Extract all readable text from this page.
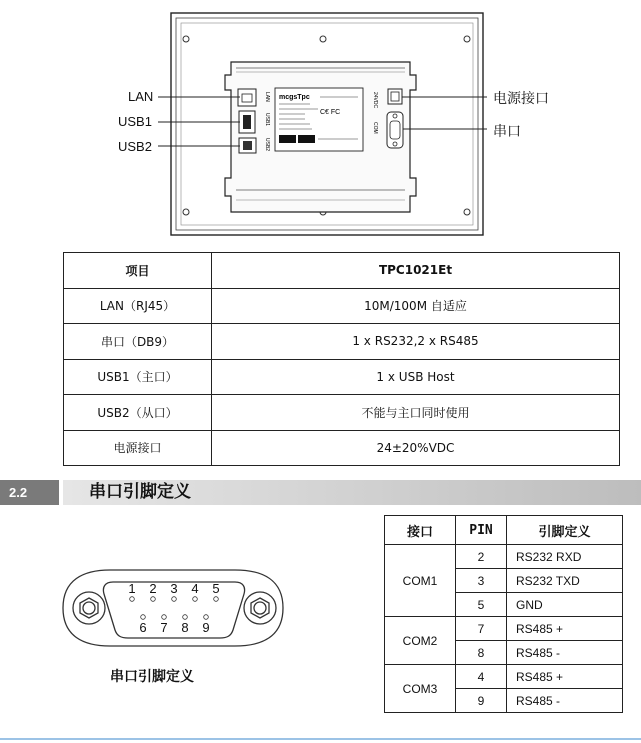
LAN
USB1
USB2
mcgsTpc
C€ FC
COM
24VDC
LAN
USB1
USB2
电源接口
串口
项目	TPC1021Et
LAN（RJ45）	10M/100M 自适应
串口（DB9）	1 x RS232,2 x RS485
USB1（主口）	1 x USB Host
USB2（从口）	不能与主口同时使用
电源接口	24±20%VDC
2.2	串口引脚定义
1 2 3 4 5
6 7 8 9
串口引脚定义
接口	PIN	引脚定义
COM1	2	RS232 RXD
	3	RS232 TXD
	5	GND
COM2	7	RS485 +
	8	RS485 -
COM3	4	RS485 +
	9	RS485 -
